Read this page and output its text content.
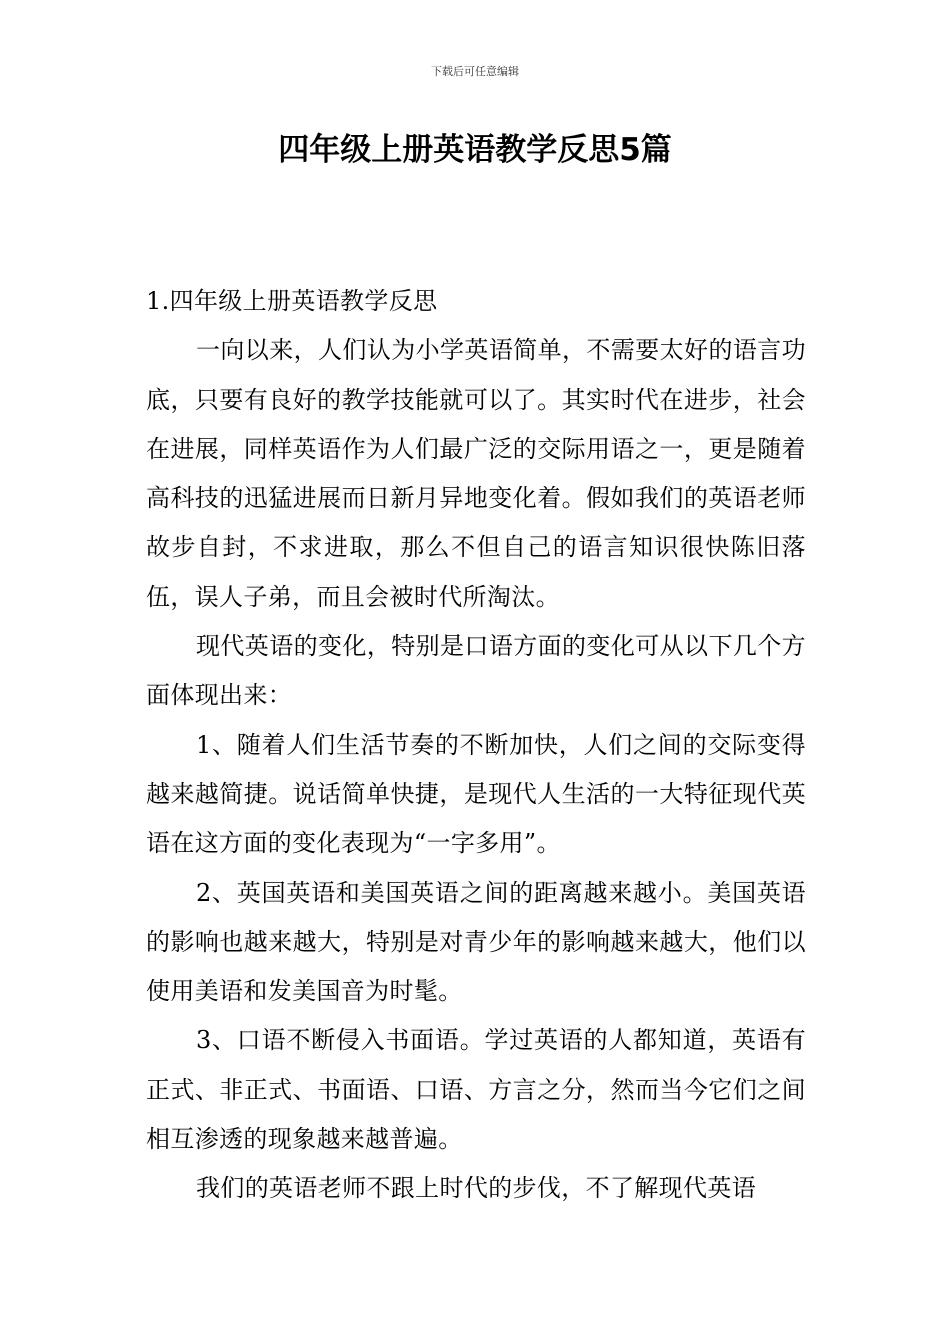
下载后可任意编辑
四年级上册英语教学反思5篇

1.四年级上册英语教学反思

一向以来，人们认为小学英语简单，不需要太好的语言功底，只要有良好的教学技能就可以了。其实时代在进步，社会在进展，同样英语作为人们最广泛的交际用语之一，更是随着高科技的迅猛进展而日新月异地变化着。假如我们的英语老师故步自封，不求进取，那么不但自己的语言知识很快陈旧落伍，误人子弟，而且会被时代所淘汰。

现代英语的变化，特别是口语方面的变化可从以下几个方面体现出来：

1、随着人们生活节奏的不断加快，人们之间的交际变得越来越简捷。说话简单快捷，是现代人生活的一大特征现代英语在这方面的变化表现为“一字多用”。

2、英国英语和美国英语之间的距离越来越小。美国英语的影响也越来越大，特别是对青少年的影响越来越大，他们以使用美语和发美国音为时髦。

3、口语不断侵入书面语。学过英语的人都知道，英语有正式、非正式、书面语、口语、方言之分，然而当今它们之间相互渗透的现象越来越普遍。

我们的英语老师不跟上时代的步伐，不了解现代英语
